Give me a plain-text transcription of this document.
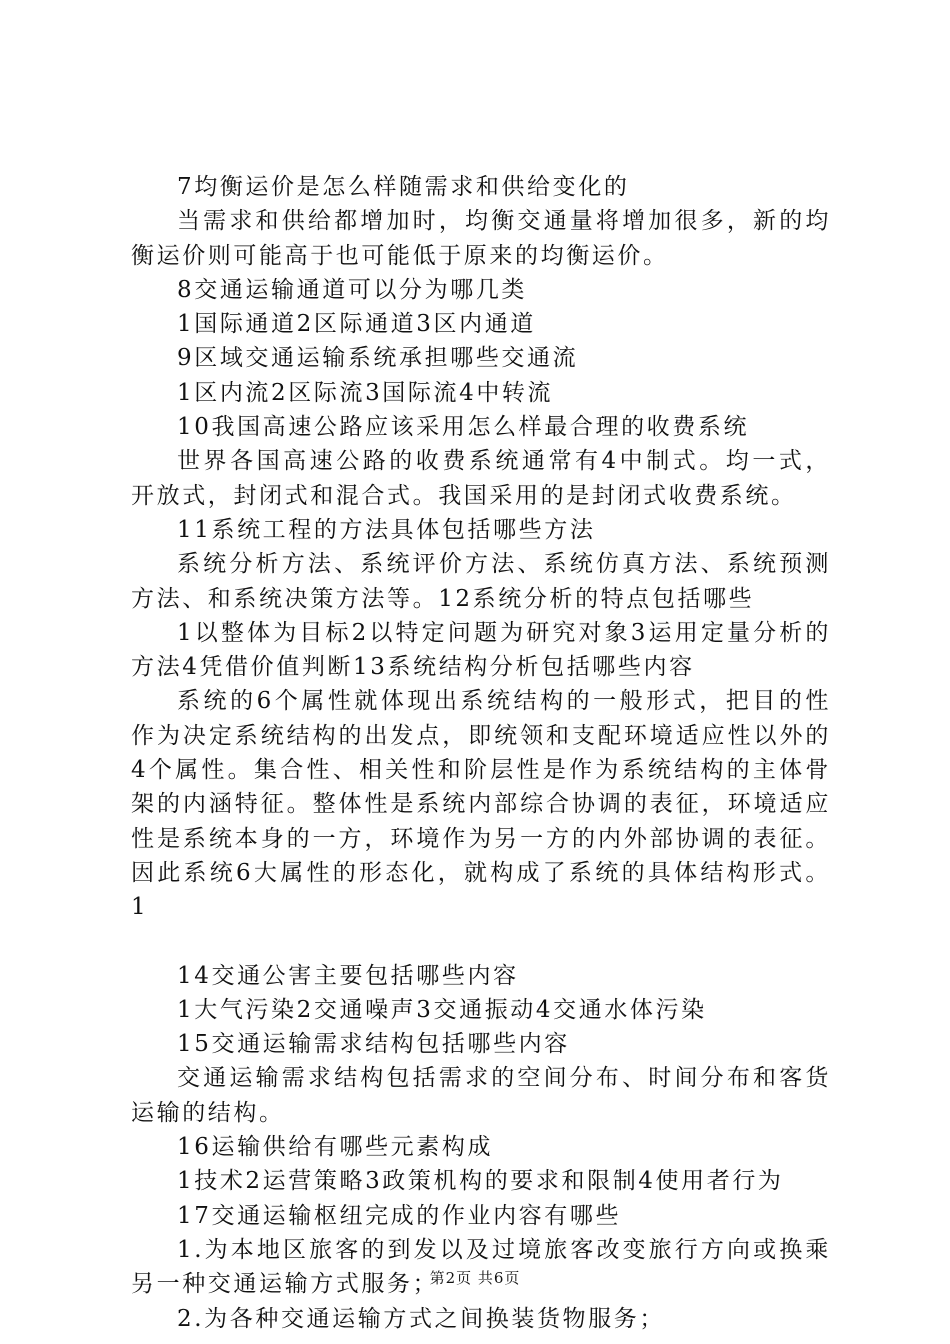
7均衡运价是怎么样随需求和供给变化的

当需求和供给都增加时，均衡交通量将增加很多，新的均衡运价则可能高于也可能低于原来的均衡运价。

8交通运输通道可以分为哪几类

1国际通道2区际通道3区内通道

9区域交通运输系统承担哪些交通流

1区内流2区际流3国际流4中转流

10我国高速公路应该采用怎么样最合理的收费系统

世界各国高速公路的收费系统通常有4中制式。均一式，开放式，封闭式和混合式。我国采用的是封闭式收费系统。

11系统工程的方法具体包括哪些方法

系统分析方法、系统评价方法、系统仿真方法、系统预测方法、和系统决策方法等。12系统分析的特点包括哪些

1以整体为目标2以特定问题为研究对象3运用定量分析的方法4凭借价值判断13系统结构分析包括哪些内容

系统的6个属性就体现出系统结构的一般形式，把目的性作为决定系统结构的出发点，即统领和支配环境适应性以外的4个属性。集合性、相关性和阶层性是作为系统结构的主体骨架的内涵特征。整体性是系统内部综合协调的表征，环境适应性是系统本身的一方，环境作为另一方的内外部协调的表征。因此系统6大属性的形态化，就构成了系统的具体结构形式。1

14交通公害主要包括哪些内容

1大气污染2交通噪声3交通振动4交通水体污染

15交通运输需求结构包括哪些内容

交通运输需求结构包括需求的空间分布、时间分布和客货运输的结构。

16运输供给有哪些元素构成

1技术2运营策略3政策机构的要求和限制4使用者行为

17交通运输枢纽完成的作业内容有哪些

1.为本地区旅客的到发以及过境旅客改变旅行方向或换乘另一种交通运输方式服务；

2.为各种交通运输方式之间换装货物服务；

第2页 共6页
